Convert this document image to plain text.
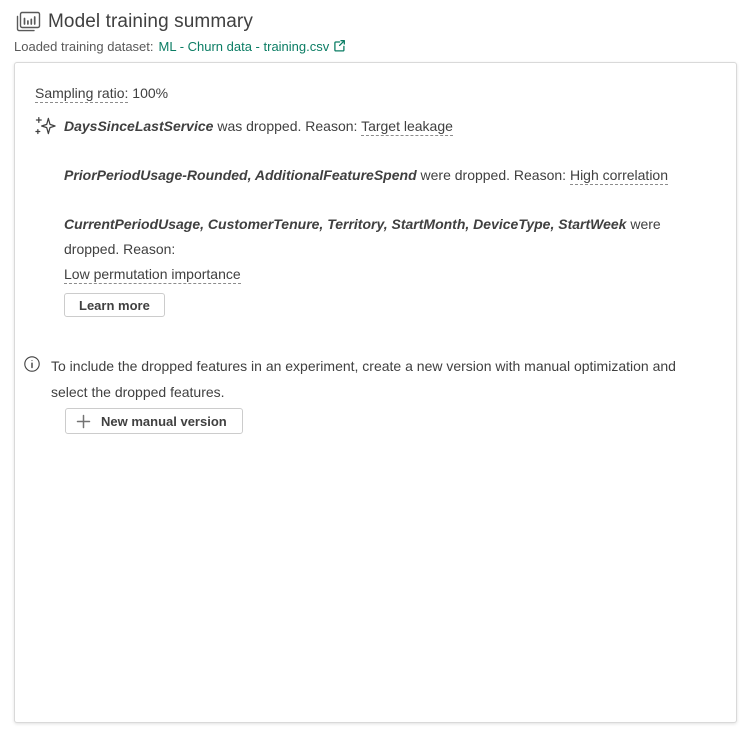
Model training summary
Loaded training dataset: ML - Churn data - training.csv
Sampling ratio: 100%

DaysSinceLastService was dropped. Reason: Target leakage

PriorPeriodUsage-Rounded, AdditionalFeatureSpend were dropped. Reason: High correlation

CurrentPeriodUsage, CustomerTenure, Territory, StartMonth, DeviceType, StartWeek were dropped. Reason:
Low permutation importance

Learn more

To include the dropped features in an experiment, create a new version with manual optimization and select the dropped features.

New manual version
